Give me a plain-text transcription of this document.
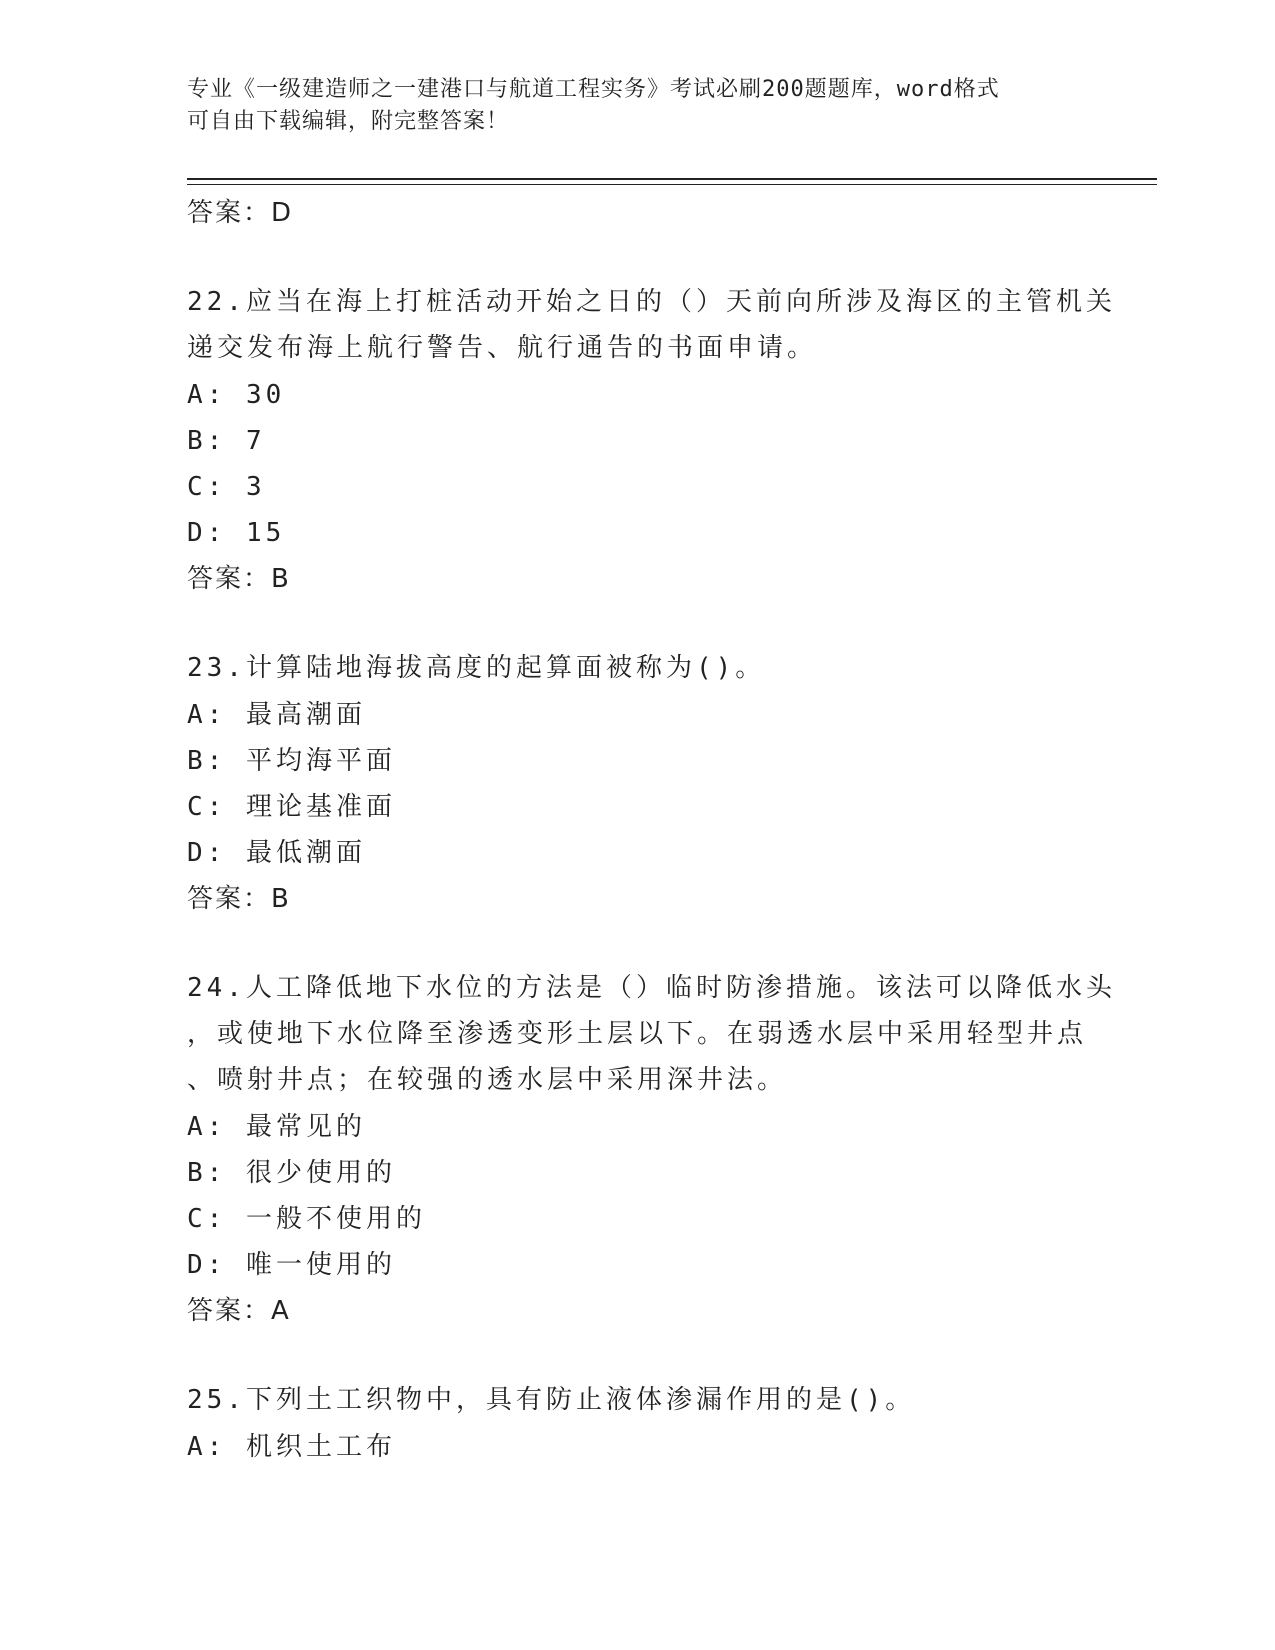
专业《一级建造师之一建港口与航道工程实务》考试必刷200题题库，word格式
可自由下载编辑，附完整答案！
答案：D
22.应当在海上打桩活动开始之日的（）天前向所涉及海区的主管机关
递交发布海上航行警告、航行通告的书面申请。
A: 30
B: 7
C: 3
D: 15
答案：B
23.计算陆地海拔高度的起算面被称为()。
A: 最高潮面
B: 平均海平面
C: 理论基准面
D: 最低潮面
答案：B
24.人工降低地下水位的方法是（）临时防渗措施。该法可以降低水头
，或使地下水位降至渗透变形土层以下。在弱透水层中采用轻型井点
、喷射井点；在较强的透水层中采用深井法。
A: 最常见的
B: 很少使用的
C: 一般不使用的
D: 唯一使用的
答案：A
25.下列土工织物中，具有防止液体渗漏作用的是()。
A: 机织土工布
